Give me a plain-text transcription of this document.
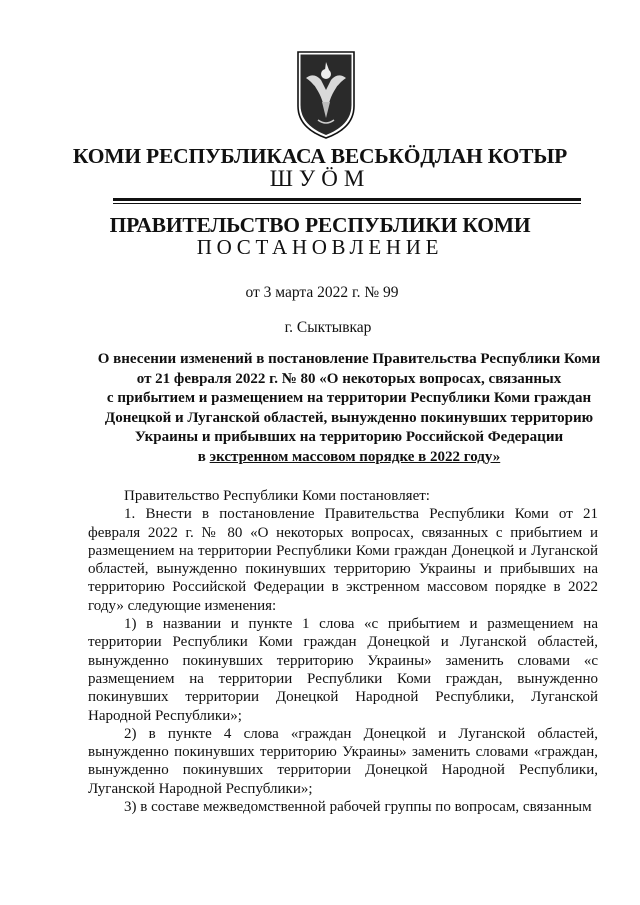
КОМИ РЕСПУБЛИКАСА ВЕСЬКӦДЛАН КОТЫР
ШУӦМ
ПРАВИТЕЛЬСТВО РЕСПУБЛИКИ КОМИ
ПОСТАНОВЛЕНИЕ
от 3 марта 2022 г. № 99
г. Сыктывкар
О внесении изменений в постановление Правительства Республики Коми
от 21 февраля 2022 г. № 80 «О некоторых вопросах, связанных
с прибытием и размещением на территории Республики Коми граждан
Донецкой и Луганской областей, вынужденно покинувших территорию
Украины и прибывших на территорию Российской Федерации
в экстренном массовом порядке в 2022 году»

Правительство Республики Коми постановляет:

1. Внести в постановление Правительства Республики Коми от 21 февраля 2022 г. № 80 «О некоторых вопросах, связанных с прибытием и размещением на территории Республики Коми граждан Донецкой и Луганской областей, вынужденно покинувших территорию Украины и прибывших на территорию Российской Федерации в экстренном массовом порядке в 2022 году» следующие изменения:

1) в названии и пункте 1 слова «с прибытием и размещением на территории Республики Коми граждан Донецкой и Луганской областей, вынужденно покинувших территорию Украины» заменить словами «с размещением на территории Республики Коми граждан, вынужденно покинувших территории Донецкой Народной Республики, Луганской Народной Республики»;

2) в пункте 4 слова «граждан Донецкой и Луганской областей, вынужденно покинувших территорию Украины» заменить словами «граждан, вынужденно покинувших территории Донецкой Народной Республики, Луганской Народной Республики»;

3) в составе межведомственной рабочей группы по вопросам, связанным
